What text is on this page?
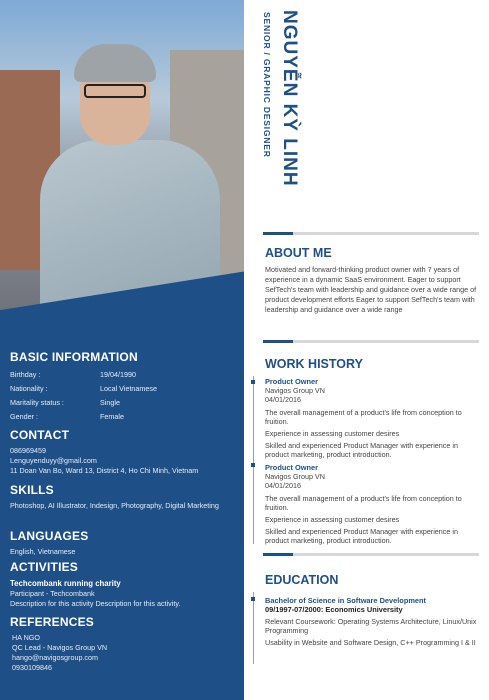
BASIC INFORMATION
Birthday :	19/04/1990
Nationality :	Local Vietnamese
Maritality status :	Single
Gender :	Female
CONTACT
086969459
Lenguyenduyy@gmail.com
11 Doan Van Bo, Ward 13, District 4, Ho Chi Minh, Vietnam
SKILLS
Photoshop, AI Illustrator, Indesign, Photography, Digital Marketing
LANGUAGES
English, Vietnamese
ACTIVITIES
Techcombank running charity
Participant - Techcombank
Description for this activity Description for this activity.
REFERENCES
HA NGO
QC Lead - Navigos Group VN
hango@navigosgroup.com
0930109846
NGUYỄN KỲ LINH
SENIOR / GRAPHIC DESIGNER
ABOUT ME
Motivated and forward-thinking product owner with 7 years of experience in a dynamic SaaS environment. Eager to support SefTech's team with leadership and guidance over a wide range of product development efforts Eager to support SefTech's team with leadership and guidance over a wide range
WORK HISTORY
Product Owner
Navigos Group VN
04/01/2016
The overall management of a product's life from conception to fruition.
Experience in assessing customer desires
Skilled and experienced Product Manager with experience in product marketing, product introduction.
Product Owner
Navigos Group VN
04/01/2016
The overall management of a product's life from conception to fruition.
Experience in assessing customer desires
Skilled and experienced Product Manager with experience in product marketing, product introduction.
EDUCATION
Bachelor of Science in Software Development
09/1997-07/2000: Economics University
Relevant Coursework: Operating Systems Architecture, Linux/Unix Programming
Usability in Website and Software Design, C++ Programming I & II
